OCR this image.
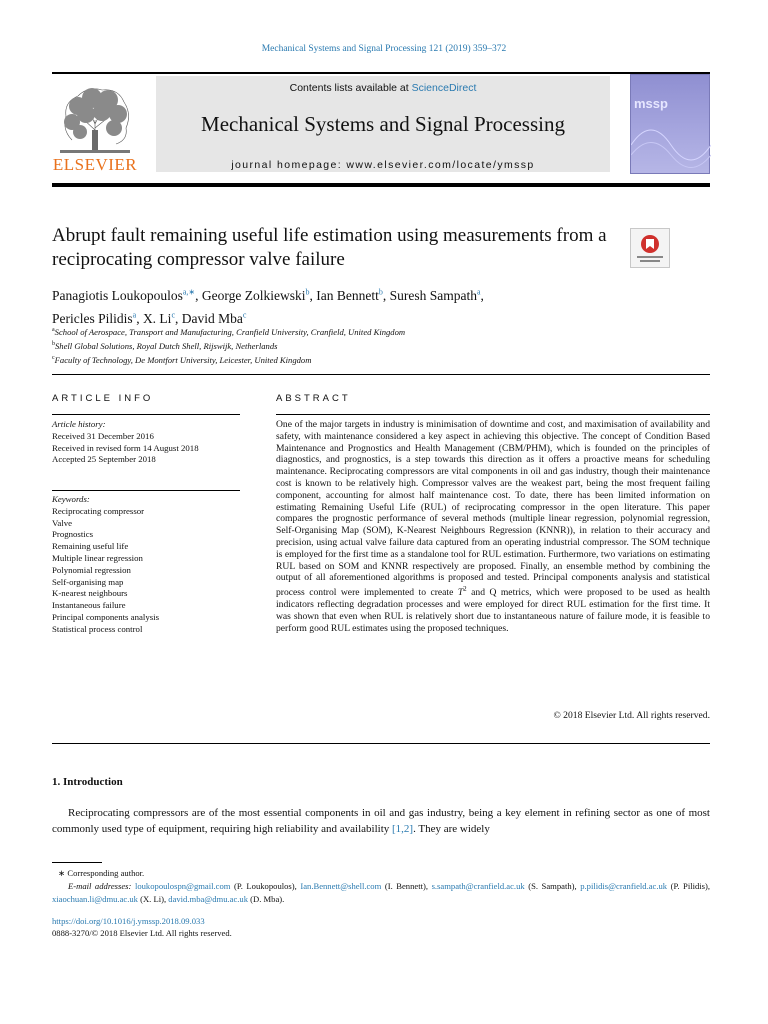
Mechanical Systems and Signal Processing 121 (2019) 359–372
ELSEVIER
Contents lists available at ScienceDirect
Mechanical Systems and Signal Processing
journal homepage: www.elsevier.com/locate/ymssp
mssp
Abrupt fault remaining useful life estimation using measurements from a reciprocating compressor valve failure
Panagiotis Loukopoulos$^{a,∗}$, George Zolkiewski$^b$, Ian Bennett$^b$, Suresh Sampath$^a$,
Pericles Pilidis$^a$, X. Li$^c$, David Mba$^c$
$^a$School of Aerospace, Transport and Manufacturing, Cranfield University, Cranfield, United Kingdom
$^b$Shell Global Solutions, Royal Dutch Shell, Rijswijk, Netherlands
$^c$Faculty of Technology, De Montfort University, Leicester, United Kingdom
ARTICLE INFO	ABSTRACT
Article history:
Received 31 December 2016
Received in revised form 14 August 2018
Accepted 25 September 2018
Keywords:
Reciprocating compressor
Valve
Prognostics
Remaining useful life
Multiple linear regression
Polynomial regression
Self-organising map
K-nearest neighbours
Instantaneous failure
Principal components analysis
Statistical process control
One of the major targets in industry is minimisation of downtime and cost, and maximisation of availability and safety, with maintenance considered a key aspect in achieving this objective. The concept of Condition Based Maintenance and Prognostics and Health Management (CBM/PHM), which is founded on the principles of diagnostics, and prognostics, is a step towards this direction as it offers a proactive means for scheduling maintenance. Reciprocating compressors are vital components in oil and gas industry, though their maintenance cost is known to be relatively high. Compressor valves are the weakest part, being the most frequent failing component, accounting for almost half maintenance cost. To date, there has been limited information on estimating Remaining Useful Life (RUL) of reciprocating compressor in the open literature. This paper compares the prognostic performance of several methods (multiple linear regression, polynomial regression, Self-Organising Map (SOM), K-Nearest Neighbours Regression (KNNR)), in relation to their accuracy and precision, using actual valve failure data captured from an operating industrial compressor. The SOM technique is employed for the first time as a standalone tool for RUL estimation. Furthermore, two variations on estimating RUL based on SOM and KNNR respectively are proposed. Finally, an ensemble method by combining the output of all aforementioned algorithms is proposed and tested. Principal components analysis and statistical process control were implemented to create $T^2$ and Q metrics, which were proposed to be used as health indicators reflecting degradation processes and were employed for direct RUL estimation for the first time. It was shown that even when RUL is relatively short due to instantaneous nature of failure mode, it is feasible to perform good RUL estimates using the proposed techniques.
© 2018 Elsevier Ltd. All rights reserved.
1. Introduction
Reciprocating compressors are of the most essential components in oil and gas industry, being a key element in refining sector as one of most commonly used type of equipment, requiring high reliability and availability [1,2]. They are widely
∗ Corresponding author.
E-mail addresses: loukopoulospn@gmail.com (P. Loukopoulos), Ian.Bennett@shell.com (I. Bennett), s.sampath@cranfield.ac.uk (S. Sampath), p.pilidis@cranfield.ac.uk (P. Pilidis), xiaochuan.li@dmu.ac.uk (X. Li), david.mba@dmu.ac.uk (D. Mba).
https://doi.org/10.1016/j.ymssp.2018.09.033
0888-3270/© 2018 Elsevier Ltd. All rights reserved.
